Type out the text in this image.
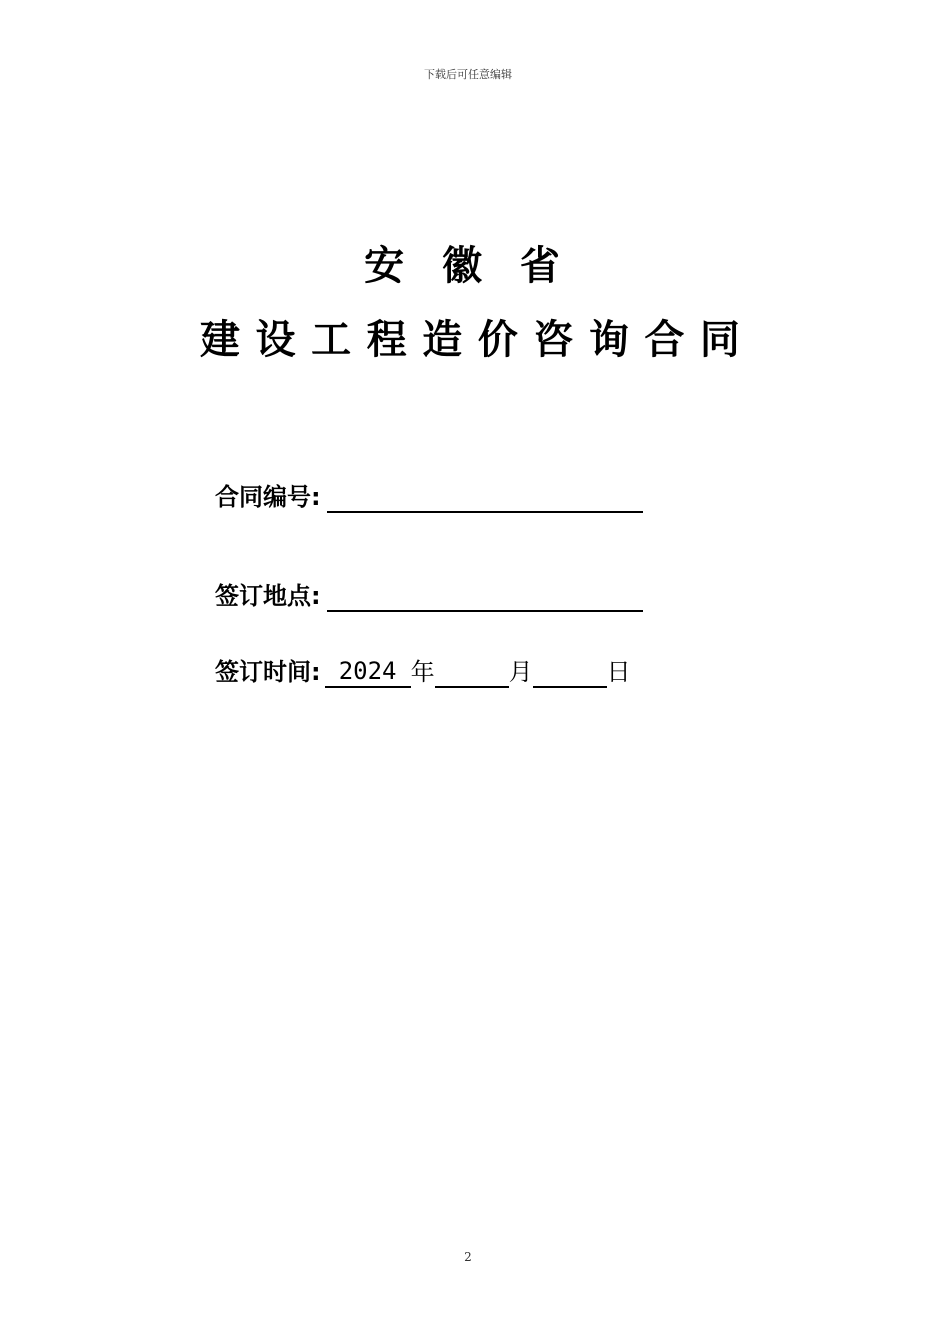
下载后可任意编辑
安 徽 省
建 设 工 程 造 价 咨 询 合 同
合同编号:
签订地点:
签订时间: 2024 年	月	日
2
